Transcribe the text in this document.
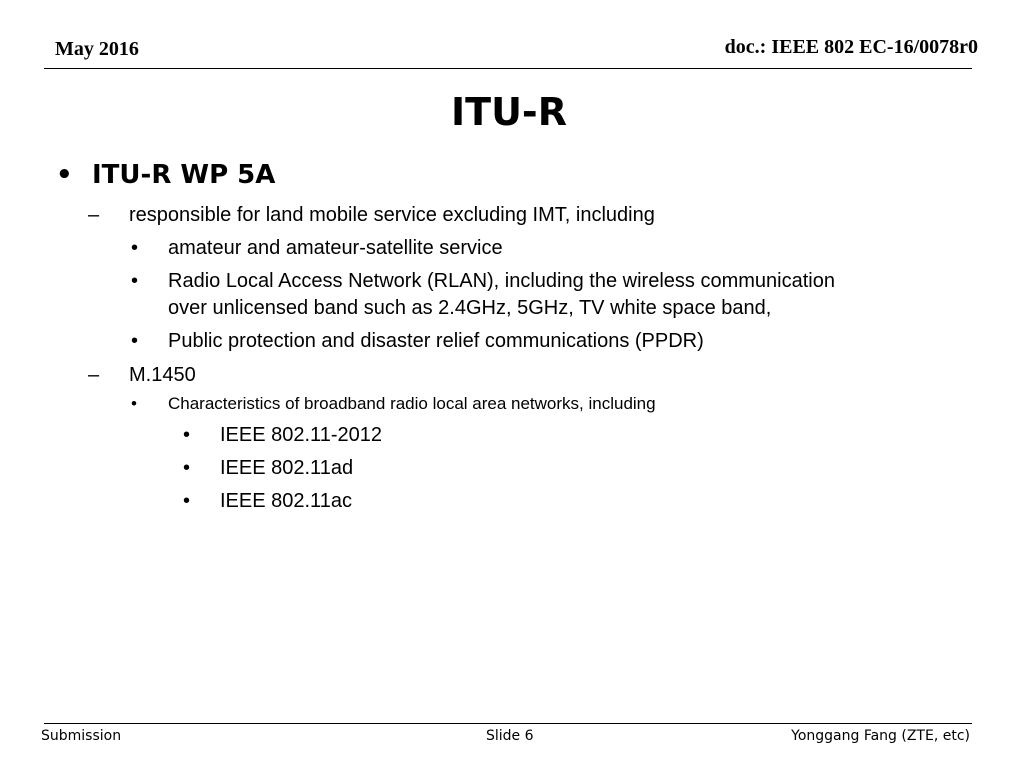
May 2016	doc.: IEEE 802 EC-16/0078r0
ITU-R
• ITU-R WP 5A
– responsible for land mobile service excluding IMT, including
• amateur and amateur-satellite service
• Radio Local Access Network (RLAN), including the wireless communication
over unlicensed band such as 2.4GHz, 5GHz, TV white space band,
• Public protection and disaster relief communications (PPDR)
– M.1450
• Characteristics of broadband radio local area networks, including
• IEEE 802.11-2012
• IEEE 802.11ad
• IEEE 802.11ac
Submission	Slide 6	Yonggang Fang (ZTE, etc)
